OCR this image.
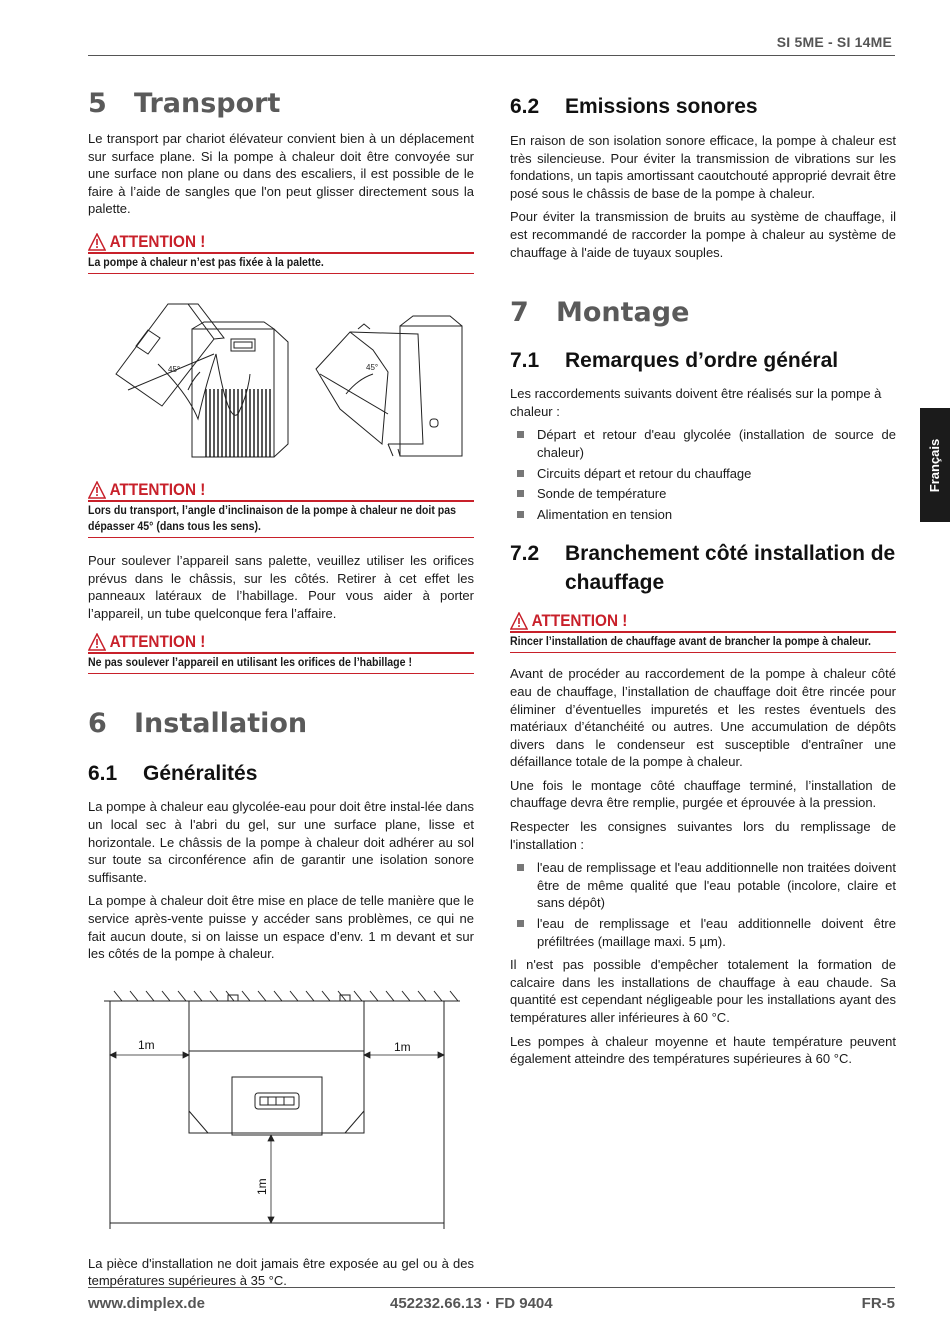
SI 5ME - SI 14ME
www.dimplex.de	452232.66.13 · FD 9404	FR-5
Français
5	Transport

Le transport par chariot élévateur convient bien à un déplacement sur surface plane. Si la pompe à chaleur doit être convoyée sur une surface non plane ou dans des escaliers, il est possible de le faire à l’aide de sangles que l'on peut glisser directement sous la palette.

ATTENTION !
La pompe à chaleur n’est pas fixée à la palette.
45°	45°
ATTENTION !
Lors du transport, l’angle d’inclinaison de la pompe à chaleur ne doit pas dépasser 45° (dans tous les sens).

Pour soulever l’appareil sans palette, veuillez utiliser les orifices prévus dans le châssis, sur les côtés. Retirer à cet effet les panneaux latéraux de l’habillage. Pour vous aider à porter l’appareil, un tube quelconque fera l’affaire.

ATTENTION !
Ne pas soulever l’appareil en utilisant les orifices de l’habillage !
6	Installation
6.1	Généralités

La pompe à chaleur eau glycolée-eau pour doit être instal-lée dans un local sec à l'abri du gel, sur une surface plane, lisse et horizontale. Le châssis de la pompe à chaleur doit adhérer au sol sur toute sa circonférence afin de garantir une isolation sonore suffisante.

La pompe à chaleur doit être mise en place de telle manière que le service après-vente puisse y accéder sans problèmes, ce qui ne fait aucun doute, si on laisse un espace d’env. 1 m devant et sur les côtés de la pompe à chaleur.

1m	1m
1m

La pièce d'installation ne doit jamais être exposée au gel ou à des températures supérieures à 35 °C.

6.2	Emissions sonores

En raison de son isolation sonore efficace, la pompe à chaleur est très silencieuse. Pour éviter la transmission de vibrations sur les fondations, un tapis amortissant caoutchouté approprié devrait être posé sous le châssis de base de la pompe à chaleur.

Pour éviter la transmission de bruits au système de chauffage, il est recommandé de raccorder la pompe à chaleur au système de chauffage à l'aide de tuyaux souples.

7	Montage
7.1	Remarques d’ordre général

Les raccordements suivants doivent être réalisés sur la pompe à chaleur :

Départ et retour d'eau glycolée (installation de source de chaleur)
Circuits départ et retour du chauffage
Sonde de température
Alimentation en tension
7.2	Branchement côté installation de chauffage
ATTENTION !
Rincer l’installation de chauffage avant de brancher la pompe à chaleur.

Avant de procéder au raccordement de la pompe à chaleur côté eau de chauffage, l’installation de chauffage doit être rincée pour éliminer d’éventuelles impuretés et les restes éventuels des matériaux d’étanchéité ou autres. Une accumulation de dépôts divers dans le condenseur est susceptible d'entraîner une défaillance totale de la pompe à chaleur.

Une fois le montage côté chauffage terminé, l’installation de chauffage devra être remplie, purgée et éprouvée à la pression.

Respecter les consignes suivantes lors du remplissage de l'installation :

l'eau de remplissage et l'eau additionnelle non traitées doivent être de même qualité que l'eau potable (incolore, claire et sans dépôt)
l'eau de remplissage et l'eau additionnelle doivent être préfiltrées (maillage maxi. 5 µm).

Il n'est pas possible d'empêcher totalement la formation de calcaire dans les installations de chauffage à eau chaude. Sa quantité est cependant négligeable pour les installations ayant des températures aller inférieures à 60 °C.

Les pompes à chaleur moyenne et haute température peuvent également atteindre des températures supérieures à 60 °C.
